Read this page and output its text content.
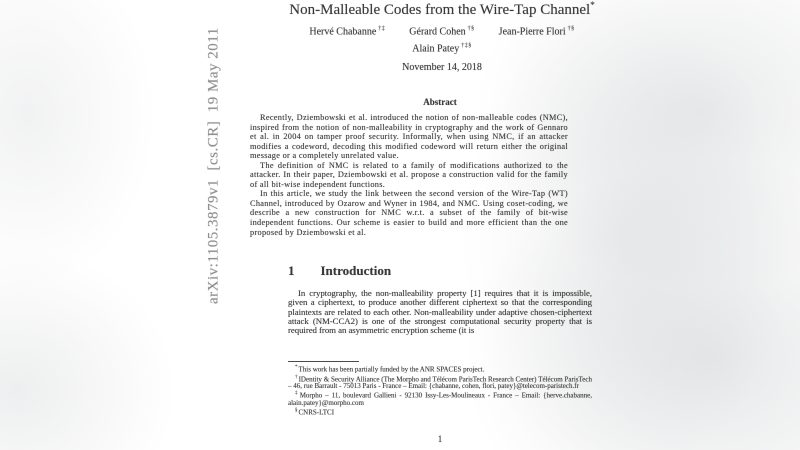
arXiv:1105.3879v1  [cs.CR]  19 May 2011
Non-Malleable Codes from the Wire-Tap Channel*
Hervé Chabanne †‡ Gérard Cohen †§ Jean-Pierre Flori †§
Alain Patey †‡§
November 14, 2018
Abstract

Recently, Dziembowski et al. introduced the notion of non-malleable codes (NMC), inspired from the notion of non-malleability in cryptography and the work of Gennaro et al. in 2004 on tamper proof security. Informally, when using NMC, if an attacker modifies a codeword, decoding this modified codeword will return either the original message or a completely unrelated value.

The definition of NMC is related to a family of modifications authorized to the attacker. In their paper, Dziembowski et al. propose a construction valid for the family of all bit-wise independent functions.

In this article, we study the link between the second version of the Wire-Tap (WT) Channel, introduced by Ozarow and Wyner in 1984, and NMC. Using coset-coding, we describe a new construction for NMC w.r.t. a subset of the family of bit-wise independent functions. Our scheme is easier to build and more efficient than the one proposed by Dziembowski et al.

1 Introduction

In cryptography, the non-malleability property [1] requires that it is impossible, given a ciphertext, to produce another different ciphertext so that the corresponding plaintexts are related to each other. Non-malleability under adaptive chosen-ciphertext attack (NM-CCA2) is one of the strongest computational security property that is required from an asymmetric encryption scheme (it is

*This work has been partially funded by the ANR SPACES project.

†IDentity & Security Alliance (The Morpho and Télécom ParisTech Research Center) Télécom ParisTech – 46, rue Barrault - 75013 Paris - France – Email: {chabanne, cohen, flori, patey}@telecom-paristech.fr

‡Morpho – 11, boulevard Gallieni - 92130 Issy-Les-Moulineaux - France – Email: {herve.chabanne, alain.patey}@morpho.com

§CNRS-LTCI

1
